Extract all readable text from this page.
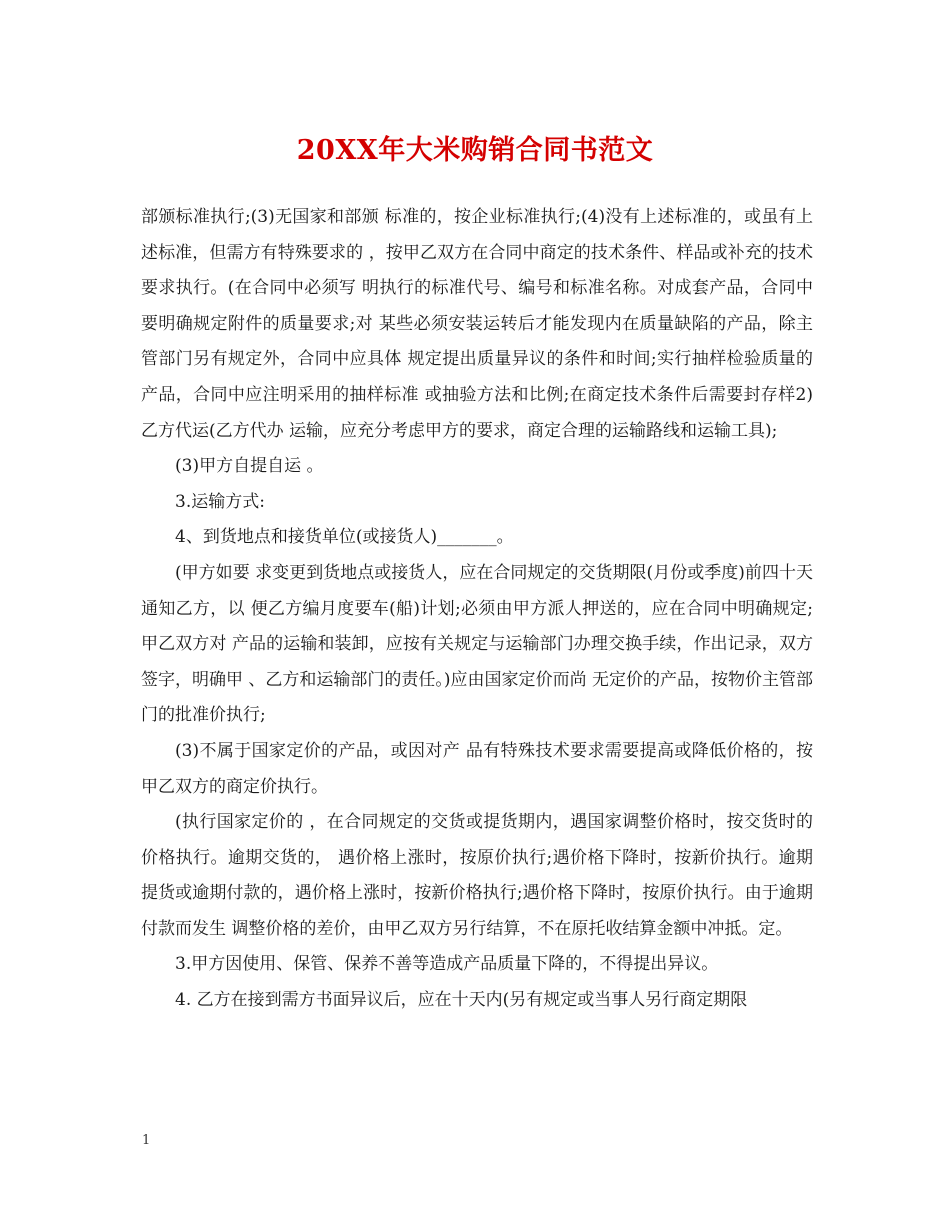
20XX年大米购销合同书范文

部颁标准执行;(3)无国家和部颁 标准的，按企业标准执行;(4)没有上述标准的，或虽有上述标准，但需方有特殊要求的 ，按甲乙双方在合同中商定的技术条件、样品或补充的技术要求执行。(在合同中必须写 明执行的标准代号、编号和标准名称。对成套产品，合同中要明确规定附件的质量要求;对 某些必须安装运转后才能发现内在质量缺陷的产品，除主管部门另有规定外，合同中应具体 规定提出质量异议的条件和时间;实行抽样检验质量的产品，合同中应注明采用的抽样标准 或抽验方法和比例;在商定技术条件后需要封存样2)乙方代运(乙方代办 运输，应充分考虑甲方的要求，商定合理的运输路线和运输工具);

(3)甲方自提自运 。

3.运输方式:

4、到货地点和接货单位(或接货人)_______。

(甲方如要 求变更到货地点或接货人，应在合同规定的交货期限(月份或季度)前四十天通知乙方，以 便乙方编月度要车(船)计划;必须由甲方派人押送的，应在合同中明确规定;甲乙双方对 产品的运输和装卸，应按有关规定与运输部门办理交换手续，作出记录，双方签字，明确甲 、乙方和运输部门的责任。)应由国家定价而尚 无定价的产品，按物价主管部门的批准价执行;

(3)不属于国家定价的产品，或因对产 品有特殊技术要求需要提高或降低价格的，按甲乙双方的商定价执行。

(执行国家定价的 ，在合同规定的交货或提货期内，遇国家调整价格时，按交货时的价格执行。逾期交货的， 遇价格上涨时，按原价执行;遇价格下降时，按新价执行。逾期提货或逾期付款的，遇价格上涨时，按新价格执行;遇价格下降时，按原价执行。由于逾期付款而发生 调整价格的差价，由甲乙双方另行结算，不在原托收结算金额中冲抵。定。

3.甲方因使用、保管、保养不善等造成产品质量下降的，不得提出异议。

4. 乙方在接到需方书面异议后，应在十天内(另有规定或当事人另行商定期限

1
